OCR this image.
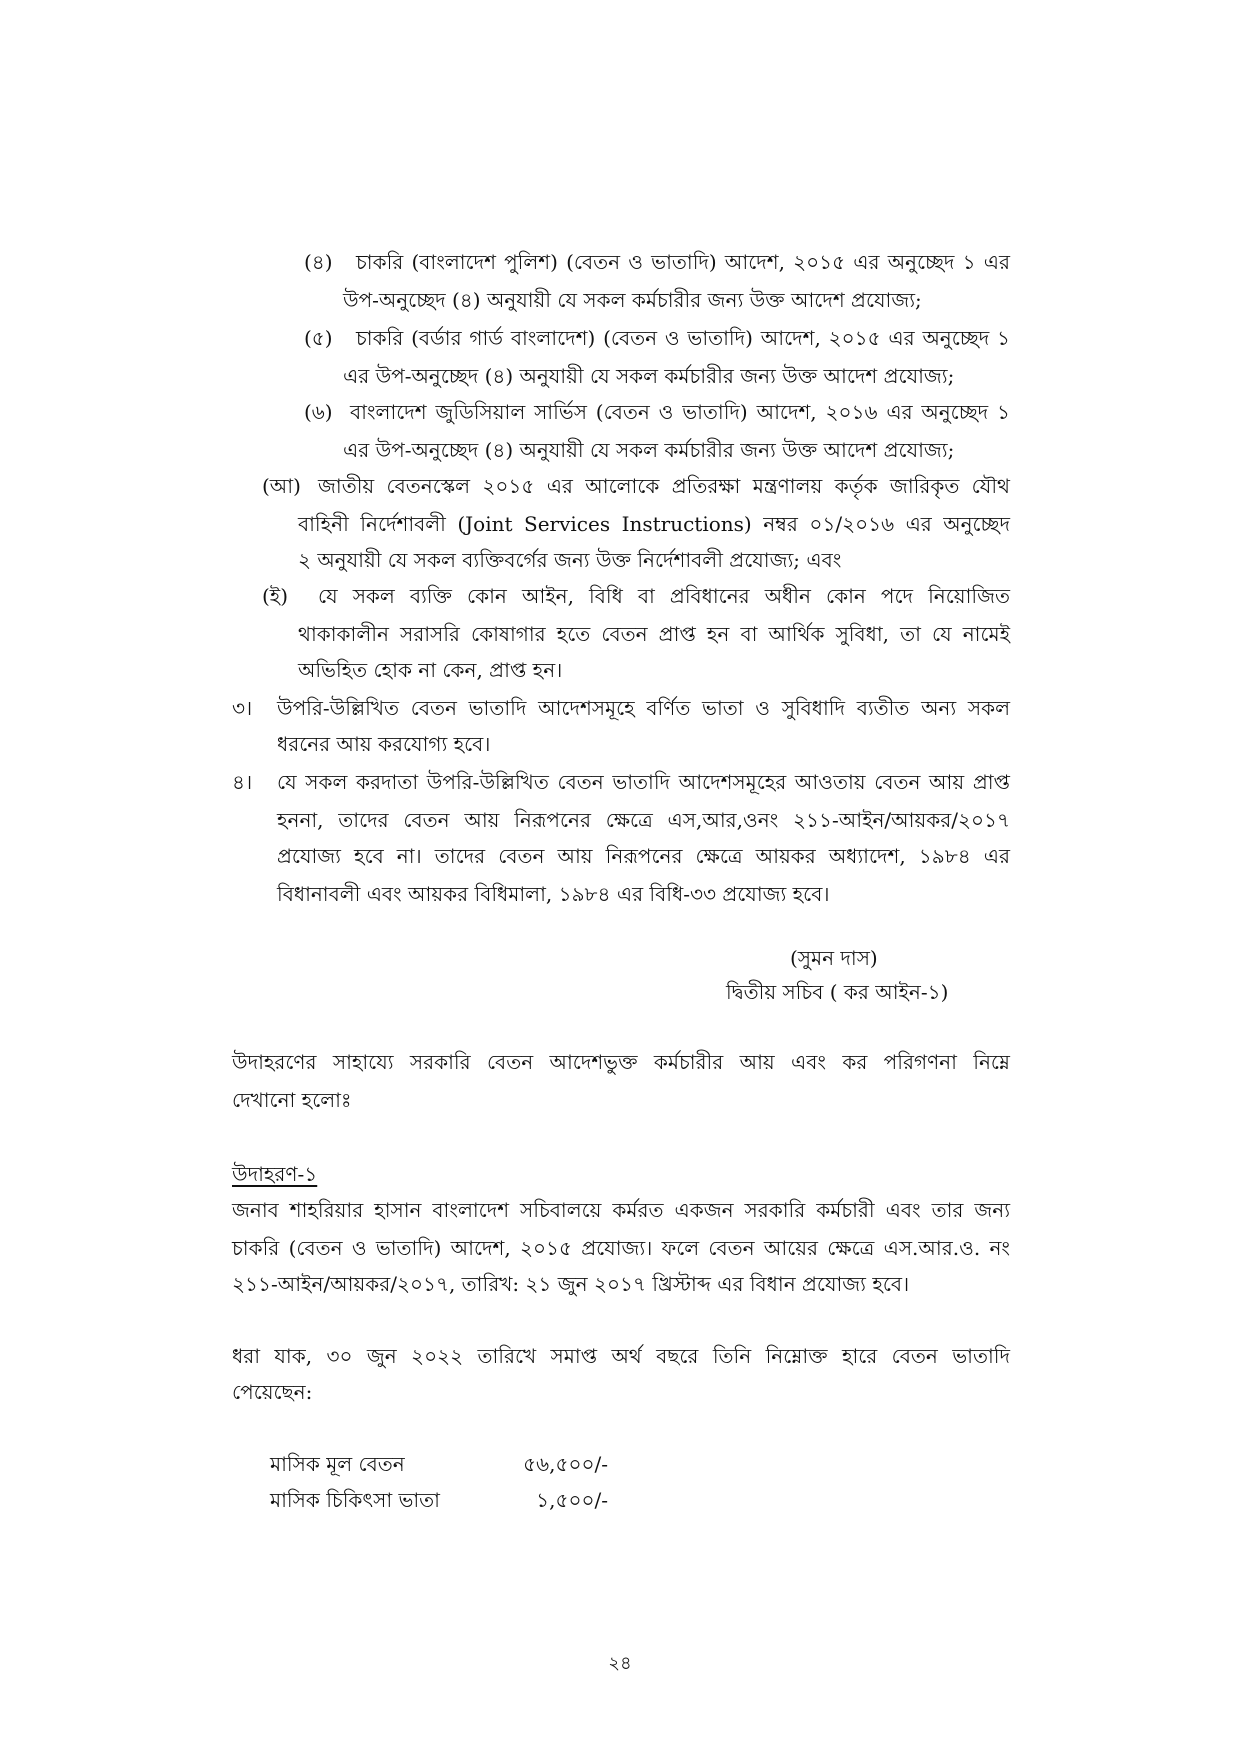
(৪) চাকরি (বাংলাদেশ পুলিশ) (বেতন ও ভাতাদি) আদেশ, ২০১৫ এর অনুচ্ছেদ ১ এর
উপ-অনুচ্ছেদ (৪) অনুযায়ী যে সকল কর্মচারীর জন্য উক্ত আদেশ প্রযোজ্য;
(৫) চাকরি (বর্ডার গার্ড বাংলাদেশ) (বেতন ও ভাতাদি) আদেশ, ২০১৫ এর অনুচ্ছেদ ১
এর উপ-অনুচ্ছেদ (৪) অনুযায়ী যে সকল কর্মচারীর জন্য উক্ত আদেশ প্রযোজ্য;
(৬) বাংলাদেশ জুডিসিয়াল সার্ভিস (বেতন ও ভাতাদি) আদেশ, ২০১৬ এর অনুচ্ছেদ ১
এর উপ-অনুচ্ছেদ (৪) অনুযায়ী যে সকল কর্মচারীর জন্য উক্ত আদেশ প্রযোজ্য;
(আ) জাতীয় বেতনস্কেল ২০১৫ এর আলোকে প্রতিরক্ষা মন্ত্রণালয় কর্তৃক জারিকৃত যৌথ
বাহিনী নির্দেশাবলী (Joint Services Instructions) নম্বর ০১/২০১৬ এর অনুচ্ছেদ
২ অনুযায়ী যে সকল ব্যক্তিবর্গের জন্য উক্ত নির্দেশাবলী প্রযোজ্য; এবং
(ই) যে সকল ব্যক্তি কোন আইন, বিধি বা প্রবিধানের অধীন কোন পদে নিয়োজিত
থাকাকালীন সরাসরি কোষাগার হতে বেতন প্রাপ্ত হন বা আর্থিক সুবিধা, তা যে নামেই
অভিহিত হোক না কেন, প্রাপ্ত হন।
৩। উপরি-উল্লিখিত বেতন ভাতাদি আদেশসমূহে বর্ণিত ভাতা ও সুবিধাদি ব্যতীত অন্য সকল
ধরনের আয় করযোগ্য হবে।
৪। যে সকল করদাতা উপরি-উল্লিখিত বেতন ভাতাদি আদেশসমূহের আওতায় বেতন আয় প্রাপ্ত
হননা, তাদের বেতন আয় নিরূপনের ক্ষেত্রে এস,আর,ওনং ২১১-আইন/আয়কর/২০১৭
প্রযোজ্য হবে না। তাদের বেতন আয় নিরূপনের ক্ষেত্রে আয়কর অধ্যাদেশ, ১৯৮৪ এর
বিধানাবলী এবং আয়কর বিধিমালা, ১৯৮৪ এর বিধি-৩৩ প্রযোজ্য হবে।
(সুমন দাস)
দ্বিতীয় সচিব ( কর আইন-১)
উদাহরণের সাহায্যে সরকারি বেতন আদেশভুক্ত কর্মচারীর আয় এবং কর পরিগণনা নিম্নে
দেখানো হলোঃ
উদাহরণ-১
জনাব শাহরিয়ার হাসান বাংলাদেশ সচিবালয়ে কর্মরত একজন সরকারি কর্মচারী এবং তার জন্য
চাকরি (বেতন ও ভাতাদি) আদেশ, ২০১৫ প্রযোজ্য। ফলে বেতন আয়ের ক্ষেত্রে এস.আর.ও. নং
২১১-আইন/আয়কর/২০১৭, তারিখ: ২১ জুন ২০১৭ খ্রিস্টাব্দ এর বিধান প্রযোজ্য হবে।
ধরা যাক, ৩০ জুন ২০২২ তারিখে সমাপ্ত অর্থ বছরে তিনি নিম্নোক্ত হারে বেতন ভাতাদি
পেয়েছেন:
মাসিক মূল বেতন	৫৬,৫০০/-
মাসিক চিকিৎসা ভাতা	১,৫০০/-
২৪
